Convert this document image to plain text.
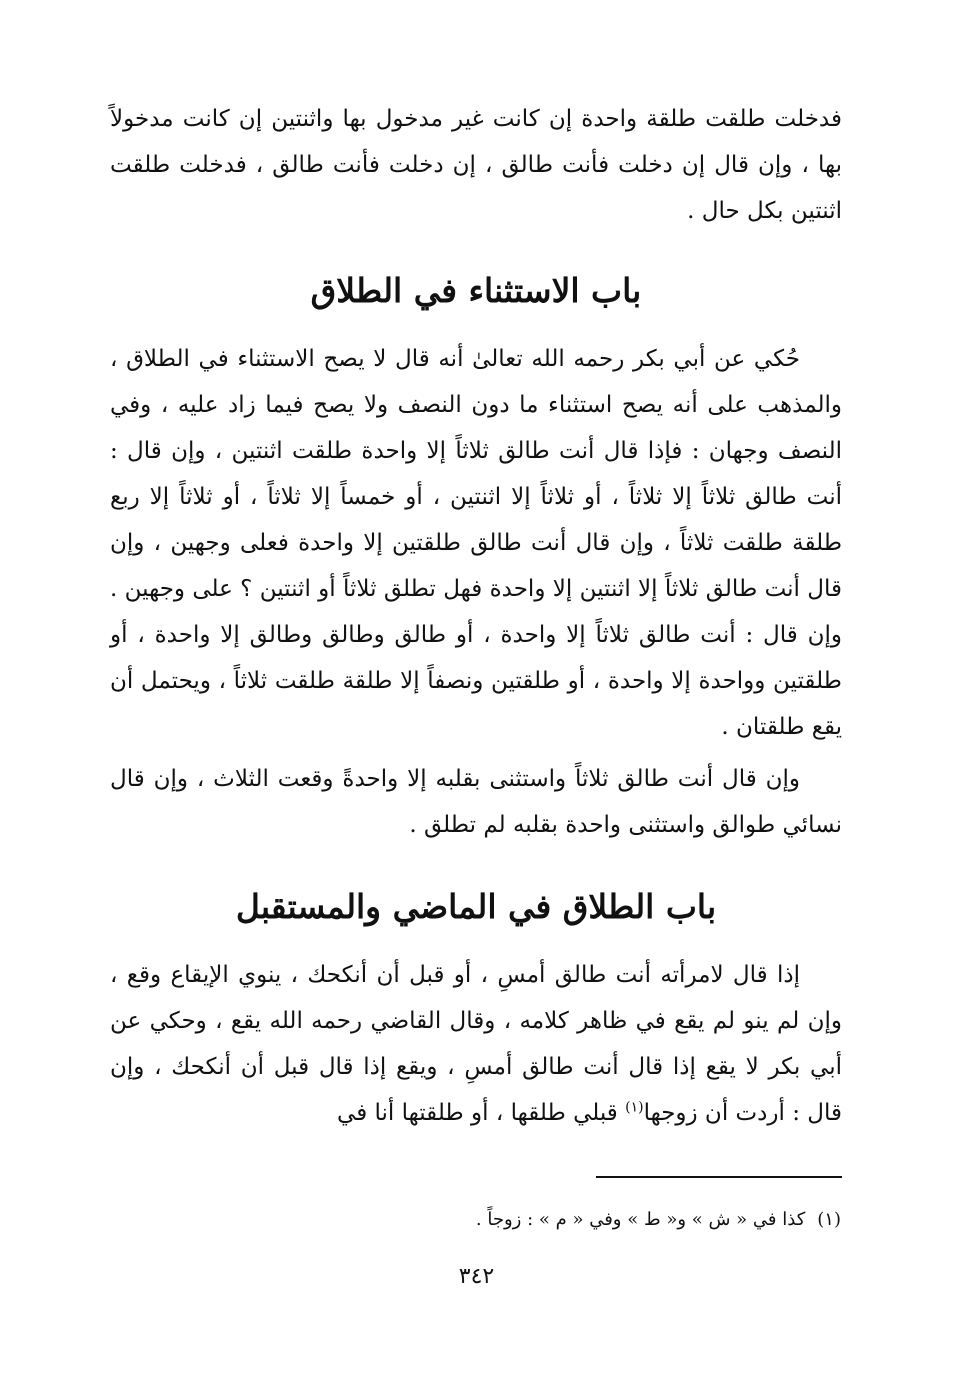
فدخلت طلقت طلقة واحدة إن كانت غير مدخول بها واثنتين إن كانت مدخولاً بها ، وإن قال إن دخلت فأنت طالق ، إن دخلت فأنت طالق ، فدخلت طلقت اثنتين بكل حال .

باب الاستثناء في الطلاق

حُكي عن أبي بكر رحمه الله تعالىٰ أنه قال لا يصح الاستثناء في الطلاق ، والمذهب على أنه يصح استثناء ما دون النصف ولا يصح فيما زاد عليه ، وفي النصف وجهان : فإذا قال أنت طالق ثلاثاً إلا واحدة طلقت اثنتين ، وإن قال : أنت طالق ثلاثاً إلا ثلاثاً ، أو ثلاثاً إلا اثنتين ، أو خمساً إلا ثلاثاً ، أو ثلاثاً إلا ربع طلقة طلقت ثلاثاً ، وإن قال أنت طالق طلقتين إلا واحدة فعلى وجهين ، وإن قال أنت طالق ثلاثاً إلا اثنتين إلا واحدة فهل تطلق ثلاثاً أو اثنتين ؟ على وجهين . وإن قال : أنت طالق ثلاثاً إلا واحدة ، أو طالق وطالق وطالق إلا واحدة ، أو طلقتين وواحدة إلا واحدة ، أو طلقتين ونصفاً إلا طلقة طلقت ثلاثاً ، ويحتمل أن يقع طلقتان .

وإن قال أنت طالق ثلاثاً واستثنى بقلبه إلا واحدةً وقعت الثلاث ، وإن قال نسائي طوالق واستثنى واحدة بقلبه لم تطلق .

باب الطلاق في الماضي والمستقبل

إذا قال لامرأته أنت طالق أمسِ ، أو قبل أن أنكحك ، ينوي الإيقاع وقع ، وإن لم ينو لم يقع في ظاهر كلامه ، وقال القاضي رحمه الله يقع ، وحكي عن أبي بكر لا يقع إذا قال أنت طالق أمسِ ، ويقع إذا قال قبل أن أنكحك ، وإن قال : أردت أن زوجها$^{(١)}$ قبلي طلقها ، أو طلقتها أنا في

(١)كذا في « ش » و« ط » وفي « م » : زوجاً .

٣٤٢
